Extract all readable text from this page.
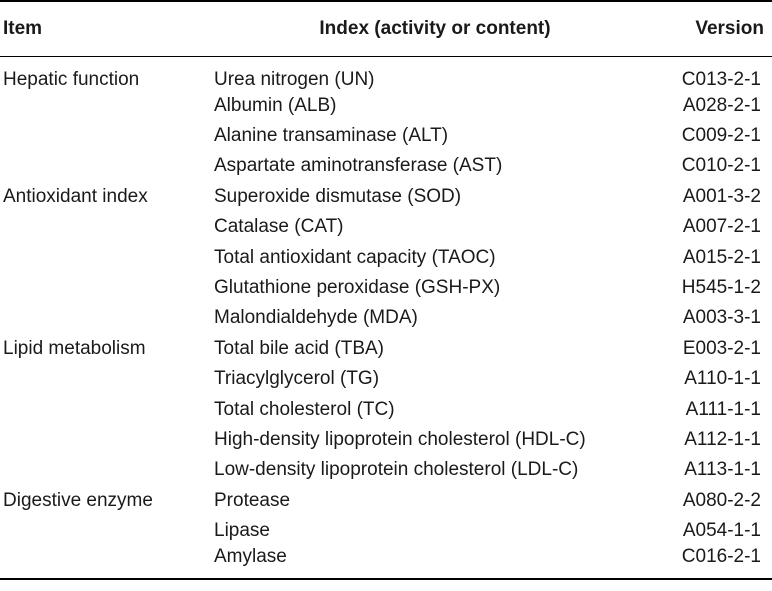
Item	Index (activity or content)	Version
Hepatic function	Urea nitrogen (UN)	C013-2-1
	Albumin (ALB)	A028-2-1
	Alanine transaminase (ALT)	C009-2-1
	Aspartate aminotransferase (AST)	C010-2-1
Antioxidant index	Superoxide dismutase (SOD)	A001-3-2
	Catalase (CAT)	A007-2-1
	Total antioxidant capacity (TAOC)	A015-2-1
	Glutathione peroxidase (GSH-PX)	H545-1-2
	Malondialdehyde (MDA)	A003-3-1
Lipid metabolism	Total bile acid (TBA)	E003-2-1
	Triacylglycerol (TG)	A110-1-1
	Total cholesterol (TC)	A111-1-1
	High-density lipoprotein cholesterol (HDL-C)	A112-1-1
	Low-density lipoprotein cholesterol (LDL-C)	A113-1-1
Digestive enzyme	Protease	A080-2-2
	Lipase	A054-1-1
	Amylase	C016-2-1
